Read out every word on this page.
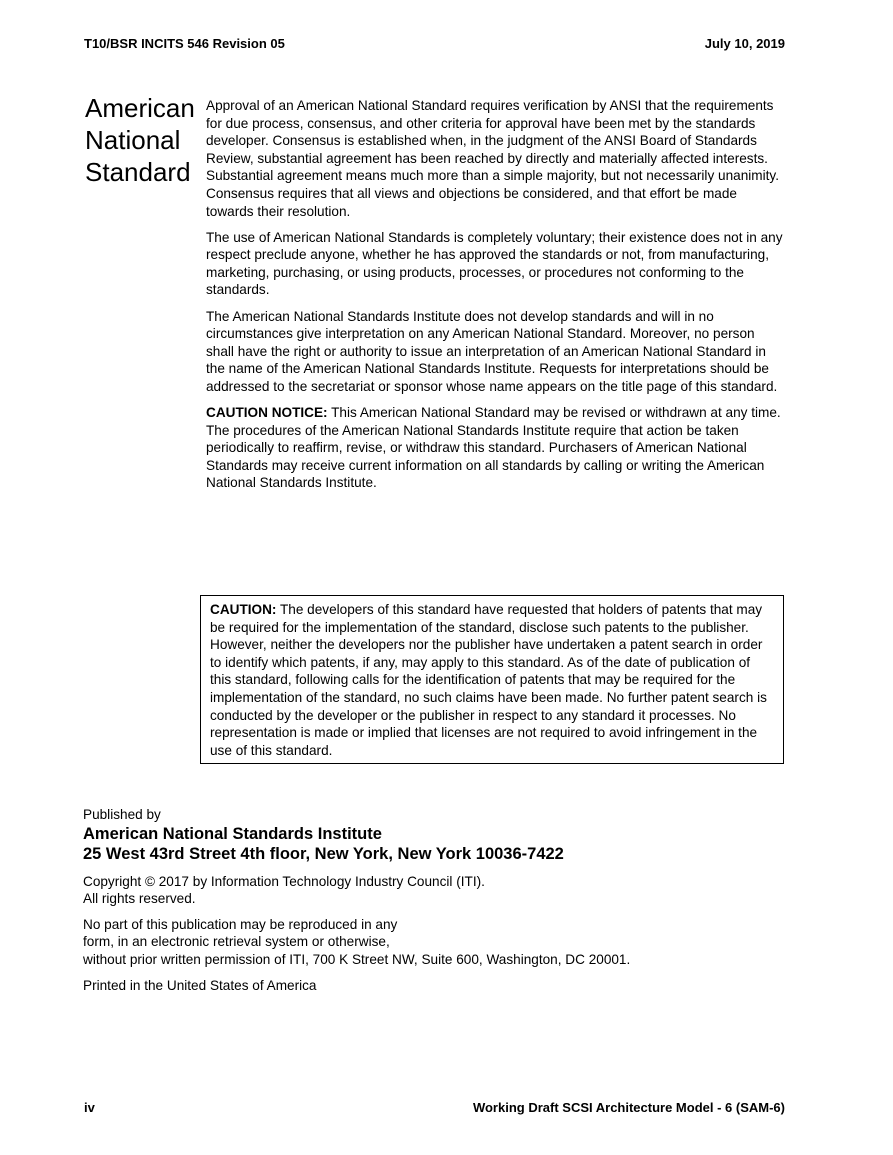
T10/BSR INCITS 546 Revision 05	July 10, 2019
American
National
Standard

Approval of an American National Standard requires verification by ANSI that the requirements for due process, consensus, and other criteria for approval have been met by the standards developer. Consensus is established when, in the judgment of the ANSI Board of Standards Review, substantial agreement has been reached by directly and materially affected interests. Substantial agreement means much more than a simple majority, but not necessarily unanimity. Consensus requires that all views and objections be considered, and that effort be made towards their resolution.

The use of American National Standards is completely voluntary; their existence does not in any respect preclude anyone, whether he has approved the standards or not, from manufacturing, marketing, purchasing, or using products, processes, or procedures not conforming to the standards.

The American National Standards Institute does not develop standards and will in no circumstances give interpretation on any American National Standard. Moreover, no person shall have the right or authority to issue an interpretation of an American National Standard in the name of the American National Standards Institute. Requests for interpretations should be addressed to the secretariat or sponsor whose name appears on the title page of this standard.

CAUTION NOTICE: This American National Standard may be revised or withdrawn at any time. The procedures of the American National Standards Institute require that action be taken periodically to reaffirm, revise, or withdraw this standard. Purchasers of American National Standards may receive current information on all standards by calling or writing the American National Standards Institute.

CAUTION: The developers of this standard have requested that holders of patents that may be required for the implementation of the standard, disclose such patents to the publisher. However, neither the developers nor the publisher have undertaken a patent search in order to identify which patents, if any, may apply to this standard. As of the date of publication of this standard, following calls for the identification of patents that may be required for the implementation of the standard, no such claims have been made. No further patent search is conducted by the developer or the publisher in respect to any standard it processes. No representation is made or implied that licenses are not required to avoid infringement in the use of this standard.

Published by
American National Standards Institute

25 West 43rd Street 4th floor, New York, New York 10036-7422

Copyright © 2017 by Information Technology Industry Council (ITI).
All rights reserved.

No part of this publication may be reproduced in any
form, in an electronic retrieval system or otherwise,
without prior written permission of ITI, 700 K Street NW, Suite 600, Washington, DC 20001.

Printed in the United States of America

iv	Working Draft SCSI Architecture Model - 6 (SAM-6)
